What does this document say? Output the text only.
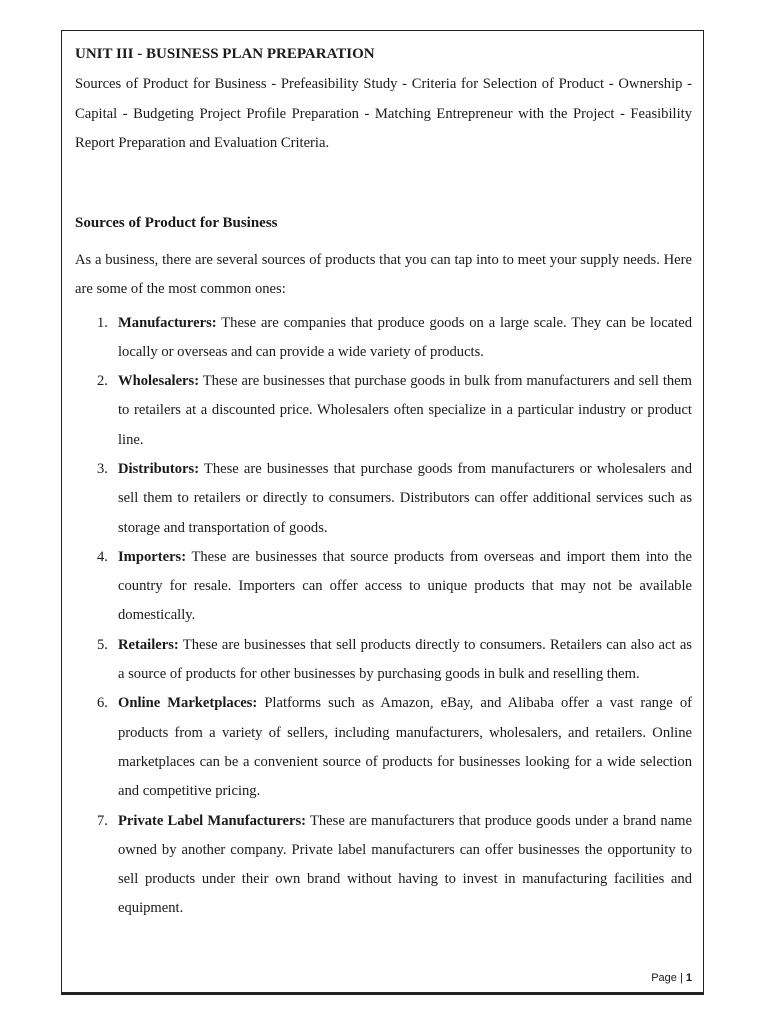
UNIT III - BUSINESS PLAN PREPARATION

Sources of Product for Business - Prefeasibility Study - Criteria for Selection of Product - Ownership - Capital - Budgeting Project Profile Preparation - Matching Entrepreneur with the Project - Feasibility Report Preparation and Evaluation Criteria.

Sources of Product for Business

As a business, there are several sources of products that you can tap into to meet your supply needs. Here are some of the most common ones:

1. Manufacturers: These are companies that produce goods on a large scale. They can be located locally or overseas and can provide a wide variety of products.
2. Wholesalers: These are businesses that purchase goods in bulk from manufacturers and sell them to retailers at a discounted price. Wholesalers often specialize in a particular industry or product line.
3. Distributors: These are businesses that purchase goods from manufacturers or wholesalers and sell them to retailers or directly to consumers. Distributors can offer additional services such as storage and transportation of goods.
4. Importers: These are businesses that source products from overseas and import them into the country for resale. Importers can offer access to unique products that may not be available domestically.
5. Retailers: These are businesses that sell products directly to consumers. Retailers can also act as a source of products for other businesses by purchasing goods in bulk and reselling them.
6. Online Marketplaces: Platforms such as Amazon, eBay, and Alibaba offer a vast range of products from a variety of sellers, including manufacturers, wholesalers, and retailers. Online marketplaces can be a convenient source of products for businesses looking for a wide selection and competitive pricing.
7. Private Label Manufacturers: These are manufacturers that produce goods under a brand name owned by another company. Private label manufacturers can offer businesses the opportunity to sell products under their own brand without having to invest in manufacturing facilities and equipment.
Page | 1
